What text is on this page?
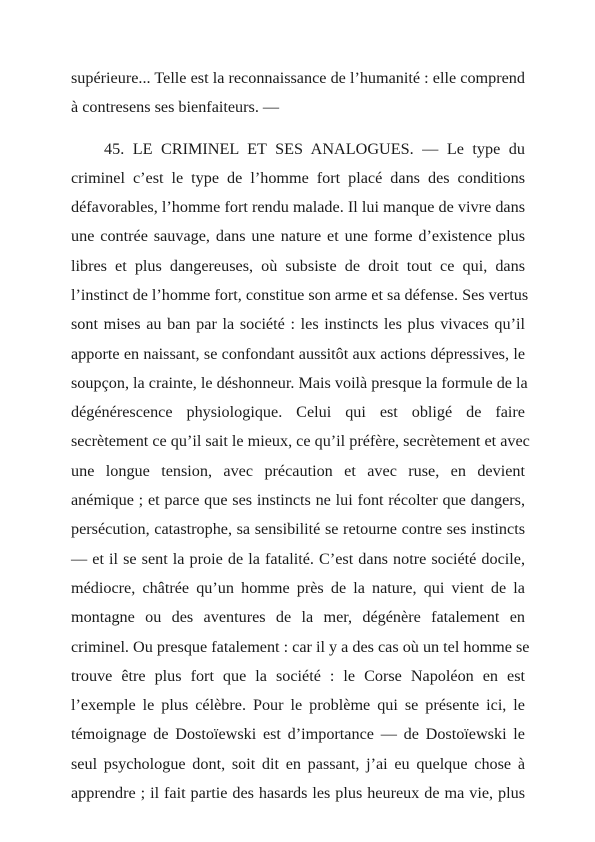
supérieure... Telle est la reconnaissance de l’humanité : elle comprend
à contresens ses bienfaiteurs. —
45. LE CRIMINEL ET SES ANALOGUES. — Le type du
criminel c’est le type de l’homme fort placé dans des conditions
défavorables, l’homme fort rendu malade. Il lui manque de vivre dans
une contrée sauvage, dans une nature et une forme d’existence plus
libres et plus dangereuses, où subsiste de droit tout ce qui, dans
l’instinct de l’homme fort, constitue son arme et sa défense. Ses vertus
sont mises au ban par la société : les instincts les plus vivaces qu’il
apporte en naissant, se confondant aussitôt aux actions dépressives, le
soupçon, la crainte, le déshonneur. Mais voilà presque la formule de la
dégénérescence physiologique. Celui qui est obligé de faire
secrètement ce qu’il sait le mieux, ce qu’il préfère, secrètement et avec
une longue tension, avec précaution et avec ruse, en devient
anémique ; et parce que ses instincts ne lui font récolter que dangers,
persécution, catastrophe, sa sensibilité se retourne contre ses instincts
— et il se sent la proie de la fatalité. C’est dans notre société docile,
médiocre, châtrée qu’un homme près de la nature, qui vient de la
montagne ou des aventures de la mer, dégénère fatalement en
criminel. Ou presque fatalement : car il y a des cas où un tel homme se
trouve être plus fort que la société : le Corse Napoléon en est
l’exemple le plus célèbre. Pour le problème qui se présente ici, le
témoignage de Dostoïewski est d’importance — de Dostoïewski le
seul psychologue dont, soit dit en passant, j’ai eu quelque chose à
apprendre ; il fait partie des hasards les plus heureux de ma vie, plus
